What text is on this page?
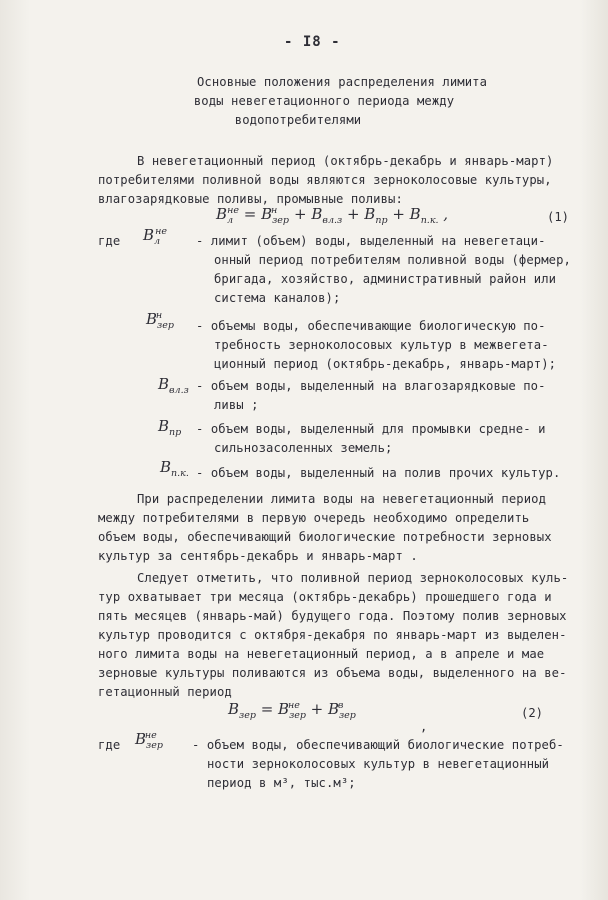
- I8 -
Основные положения распределения лимита
воды невегетационного периода между
водопотребителями
В невегетационный период (октябрь-декабрь и январь-март)
потребителями поливной воды являются зерноколосовые культуры,
влагозарядковые поливы, промывные поливы:
$B_л^{не} = B_{зер}^н + B_{вл.з} + B_{пр} + B_{п.к.}$ ,	(1)
где $B_л^{не}$
- лимит (объем) воды, выделенный на невегетаци-
онный период потребителям поливной воды (фермер,
бригада, хозяйство, административный район или
система каналов);
$B_{зер}^н$
- объемы воды, обеспечивающие биологическую по-
требность зерноколосовых культур в межвегета-
ционный период (октябрь-декабрь, январь-март);
$B_{вл.з}$ - объем воды, выделенный на влагозарядковые по-
ливы ;
$B_{пр}$ - объем воды, выделенный для промывки средне- и
сильнозасоленных земель;
$B_{п.к.}$ - объем воды, выделенный на полив прочих культур.
При распределении лимита воды на невегетационный период
между потребителями в первую очередь необходимо определить
объем воды, обеспечивающий биологические потребности зерновых
культур за сентябрь-декабрь и январь-март .
Следует отметить, что поливной период зерноколосовых куль-
тур охватывает три месяца (октябрь-декабрь) прошедшего года и
пять месяцев (январь-май) будущего года. Поэтому полив зерновых
культур проводится с октября-декабря по январь-март из выделен-
ного лимита воды на невегетационный период, а в апреле и мае
зерновые культуры поливаются из объема воды, выделенного на ве-
гетационный период
$B_{зер} = B_{зер}^{не} + B_{зер}^в$
,
(2)
где $B_{зер}^{не}$
- объем воды, обеспечивающий биологические потреб-
ности зерноколосовых культур в невегетационный
период в м³, тыс.м³;
